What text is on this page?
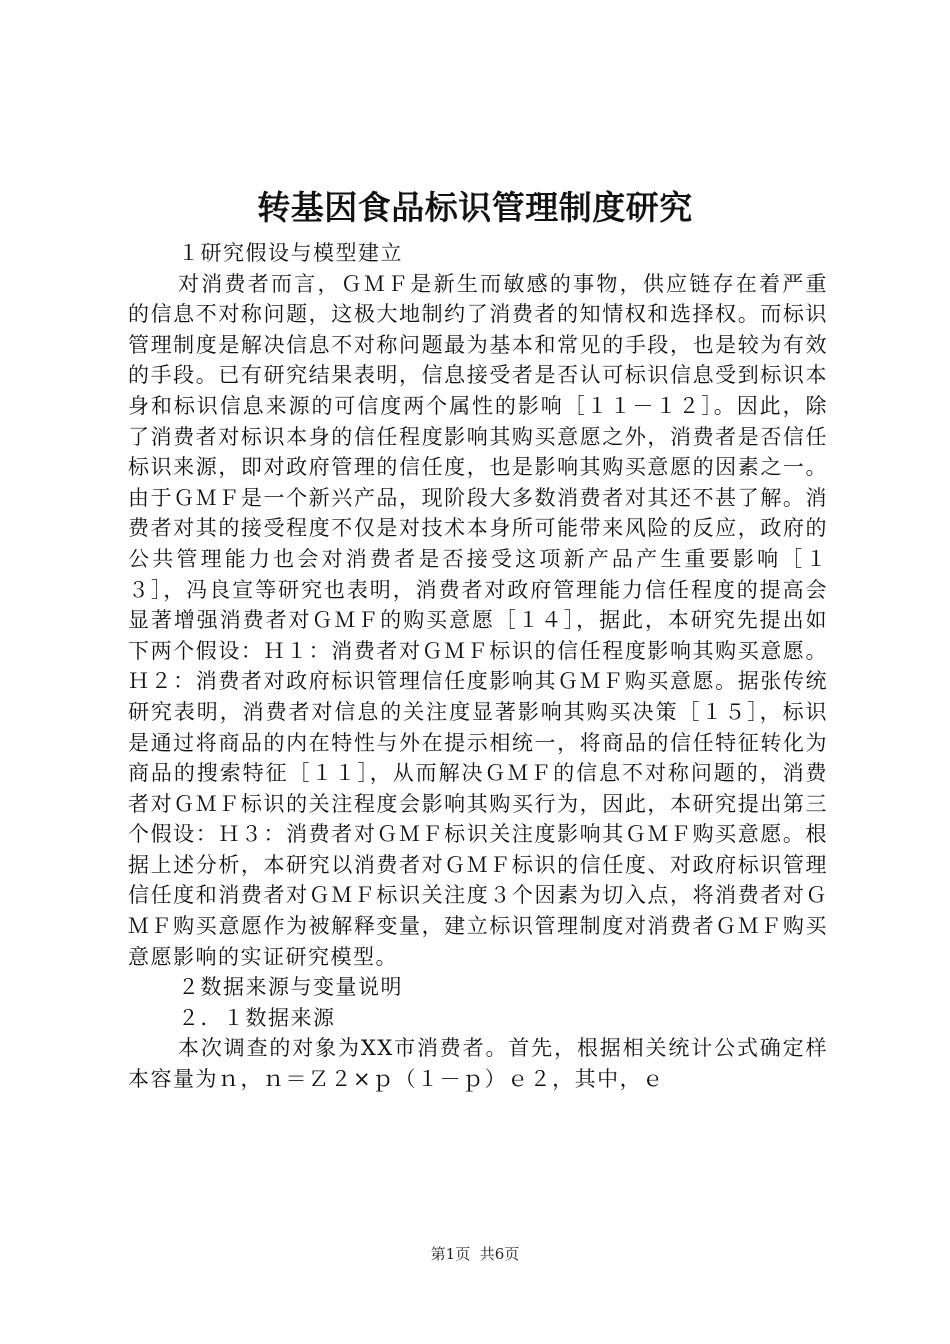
转基因食品标识管理制度研究

１研究假设与模型建立

对消费者而言，ＧＭＦ是新生而敏感的事物，供应链存在着严重的信息不对称问题，这极大地制约了消费者的知情权和选择权。而标识管理制度是解决信息不对称问题最为基本和常见的手段，也是较为有效的手段。已有研究结果表明，信息接受者是否认可标识信息受到标识本身和标识信息来源的可信度两个属性的影响［１１－１２］。因此，除了消费者对标识本身的信任程度影响其购买意愿之外，消费者是否信任标识来源，即对政府管理的信任度，也是影响其购买意愿的因素之一。由于ＧＭＦ是一个新兴产品，现阶段大多数消费者对其还不甚了解。消费者对其的接受程度不仅是对技术本身所可能带来风险的反应，政府的公共管理能力也会对消费者是否接受这项新产品产生重要影响［１３］，冯良宣等研究也表明，消费者对政府管理能力信任程度的提高会显著增强消费者对ＧＭＦ的购买意愿［１４］，据此，本研究先提出如下两个假设：Ｈ１：消费者对ＧＭＦ标识的信任程度影响其购买意愿。Ｈ２：消费者对政府标识管理信任度影响其ＧＭＦ购买意愿。据张传统研究表明，消费者对信息的关注度显著影响其购买决策［１５］，标识是通过将商品的内在特性与外在提示相统一，将商品的信任特征转化为商品的搜索特征［１１］，从而解决ＧＭＦ的信息不对称问题的，消费者对ＧＭＦ标识的关注程度会影响其购买行为，因此，本研究提出第三个假设：Ｈ３：消费者对ＧＭＦ标识关注度影响其ＧＭＦ购买意愿。根据上述分析，本研究以消费者对ＧＭＦ标识的信任度、对政府标识管理信任度和消费者对ＧＭＦ标识关注度３个因素为切入点，将消费者对ＧＭＦ购买意愿作为被解释变量，建立标识管理制度对消费者ＧＭＦ购买意愿影响的实证研究模型。

２数据来源与变量说明

２．１数据来源

本次调查的对象为XX市消费者。首先，根据相关统计公式确定样本容量为ｎ，ｎ＝Ｚ２×ｐ（１－ｐ）ｅ２，其中，ｅ

第1页 共6页
